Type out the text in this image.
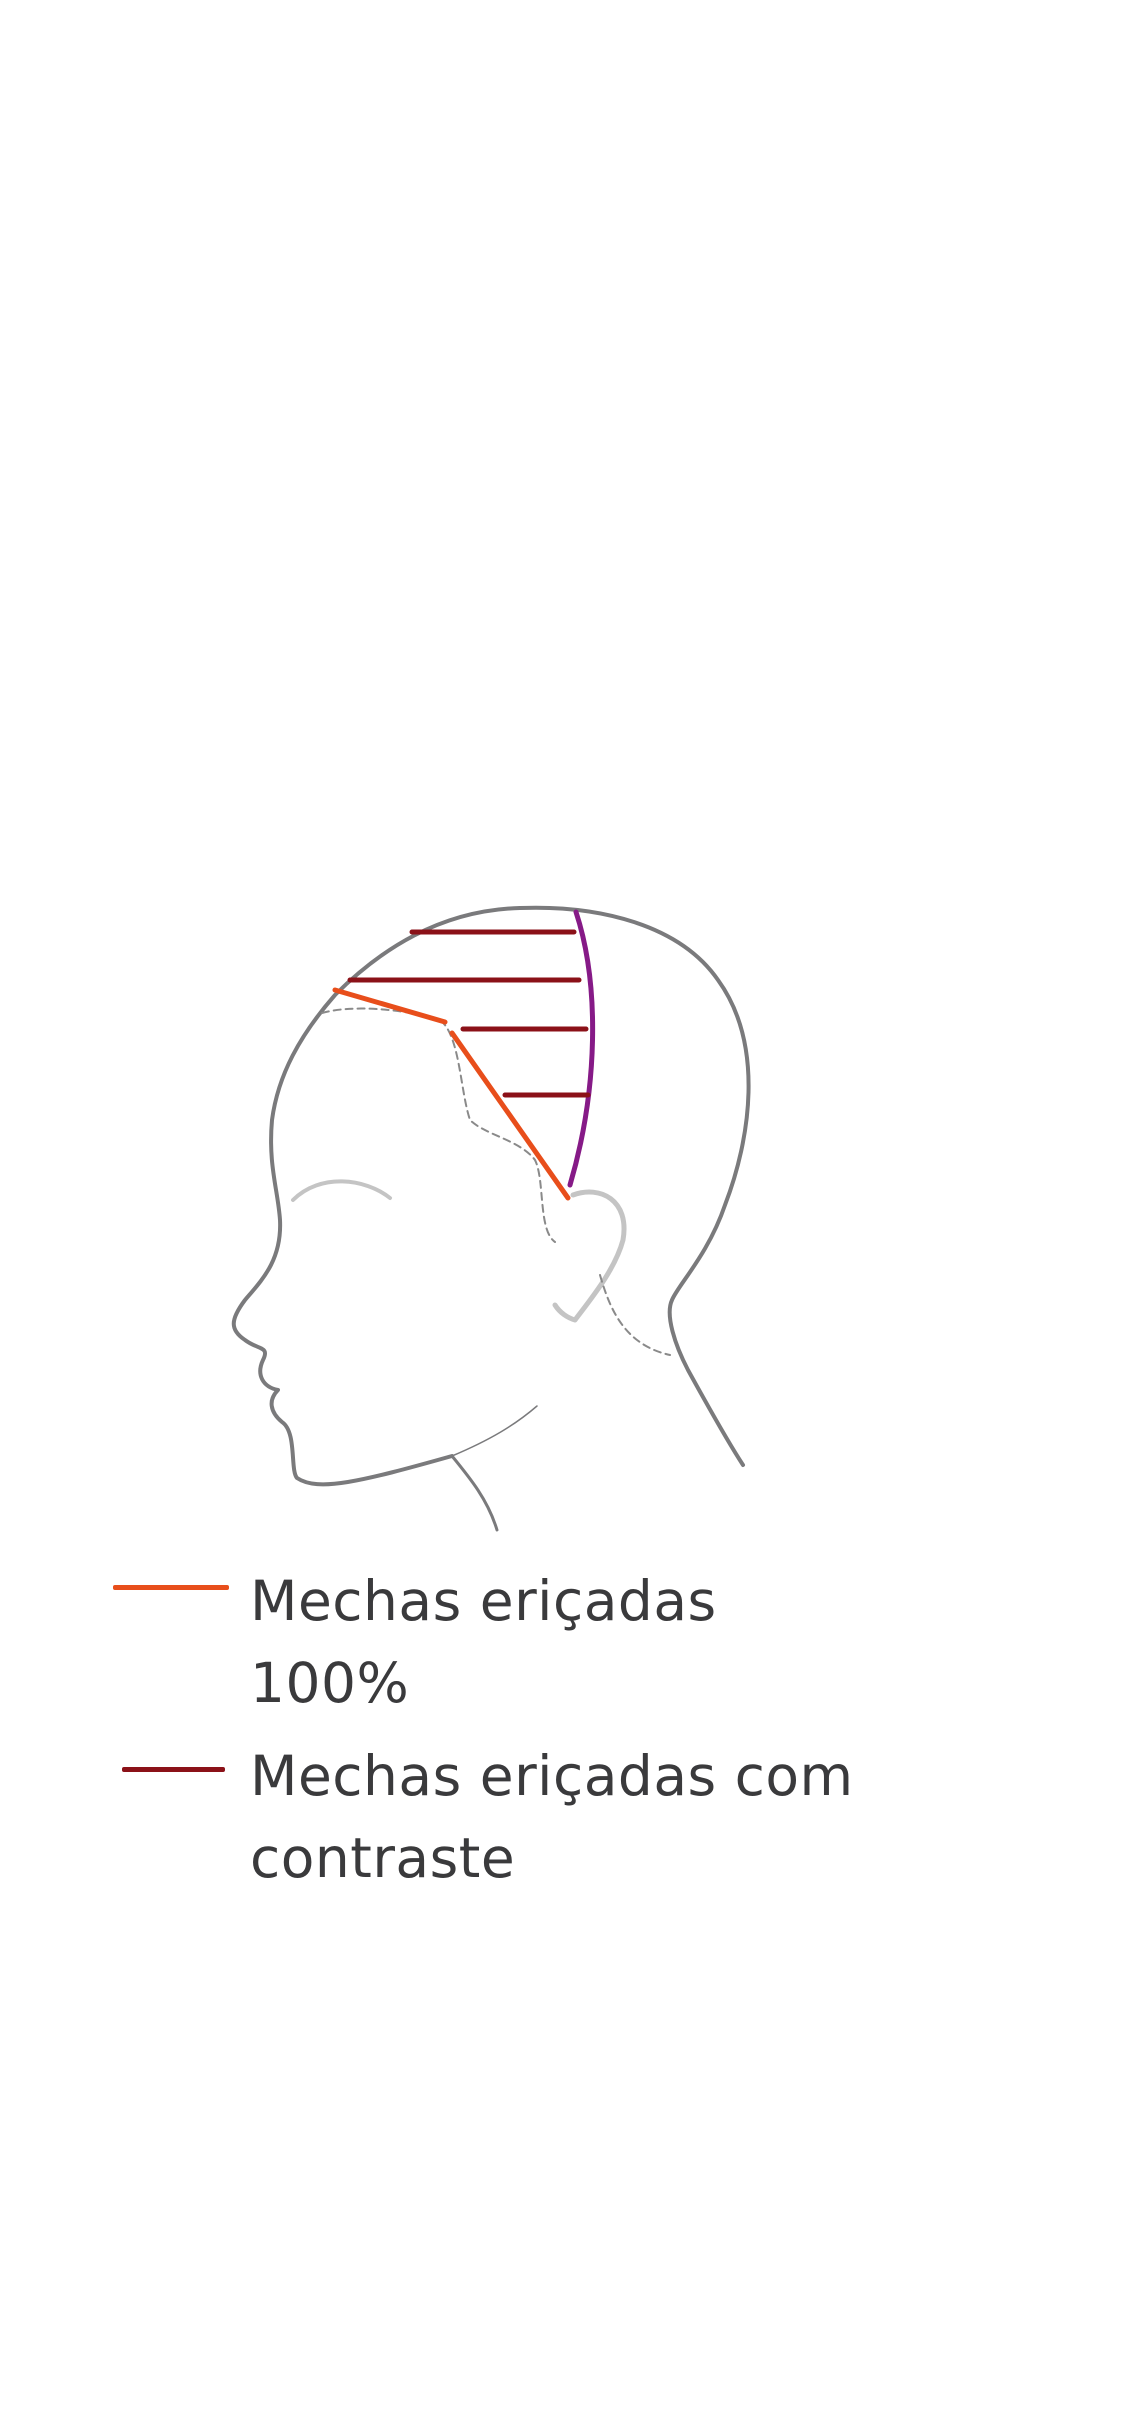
Mechas eriçadas 100%
Mechas eriçadas com contraste
